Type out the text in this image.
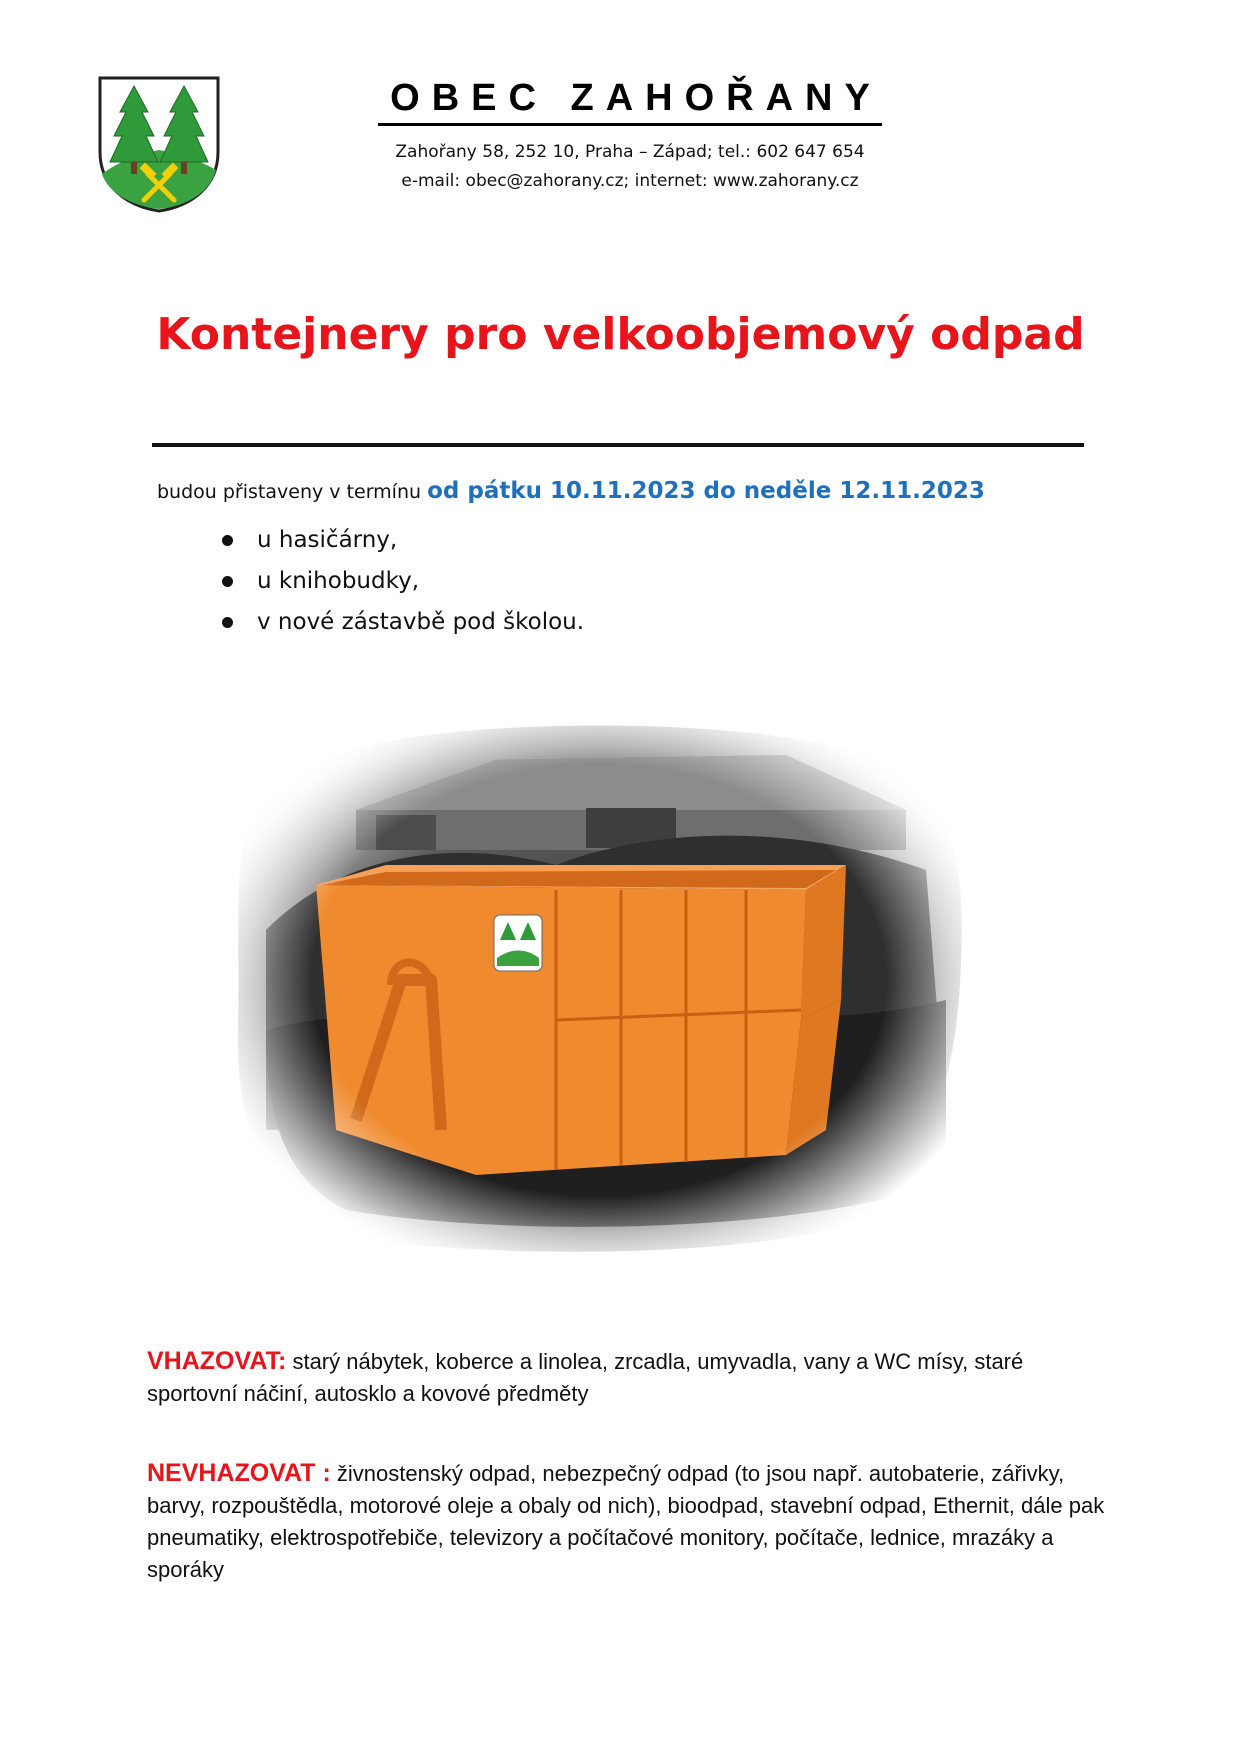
OBEC ZAHOŘANY
Zahořany 58, 252 10, Praha – Západ; tel.: 602 647 654
e-mail: obec@zahorany.cz; internet: www.zahorany.cz
Kontejnery pro velkoobjemový odpad
budou přistaveny v termínu od pátku 10.11.2023 do neděle 12.11.2023
u hasičárny,
u knihobudky,
v nové zástavbě pod školou.
VHAZOVAT: starý nábytek, koberce a linolea, zrcadla, umyvadla, vany a WC mísy, staré sportovní náčiní, autosklo a kovové předměty
NEVHAZOVAT : živnostenský odpad, nebezpečný odpad (to jsou např. autobaterie, zářivky, barvy, rozpouštědla, motorové oleje a obaly od nich), bioodpad, stavební odpad, Ethernit, dále pak pneumatiky, elektrospotřebiče, televizory a počítačové monitory, počítače, lednice, mrazáky a sporáky
